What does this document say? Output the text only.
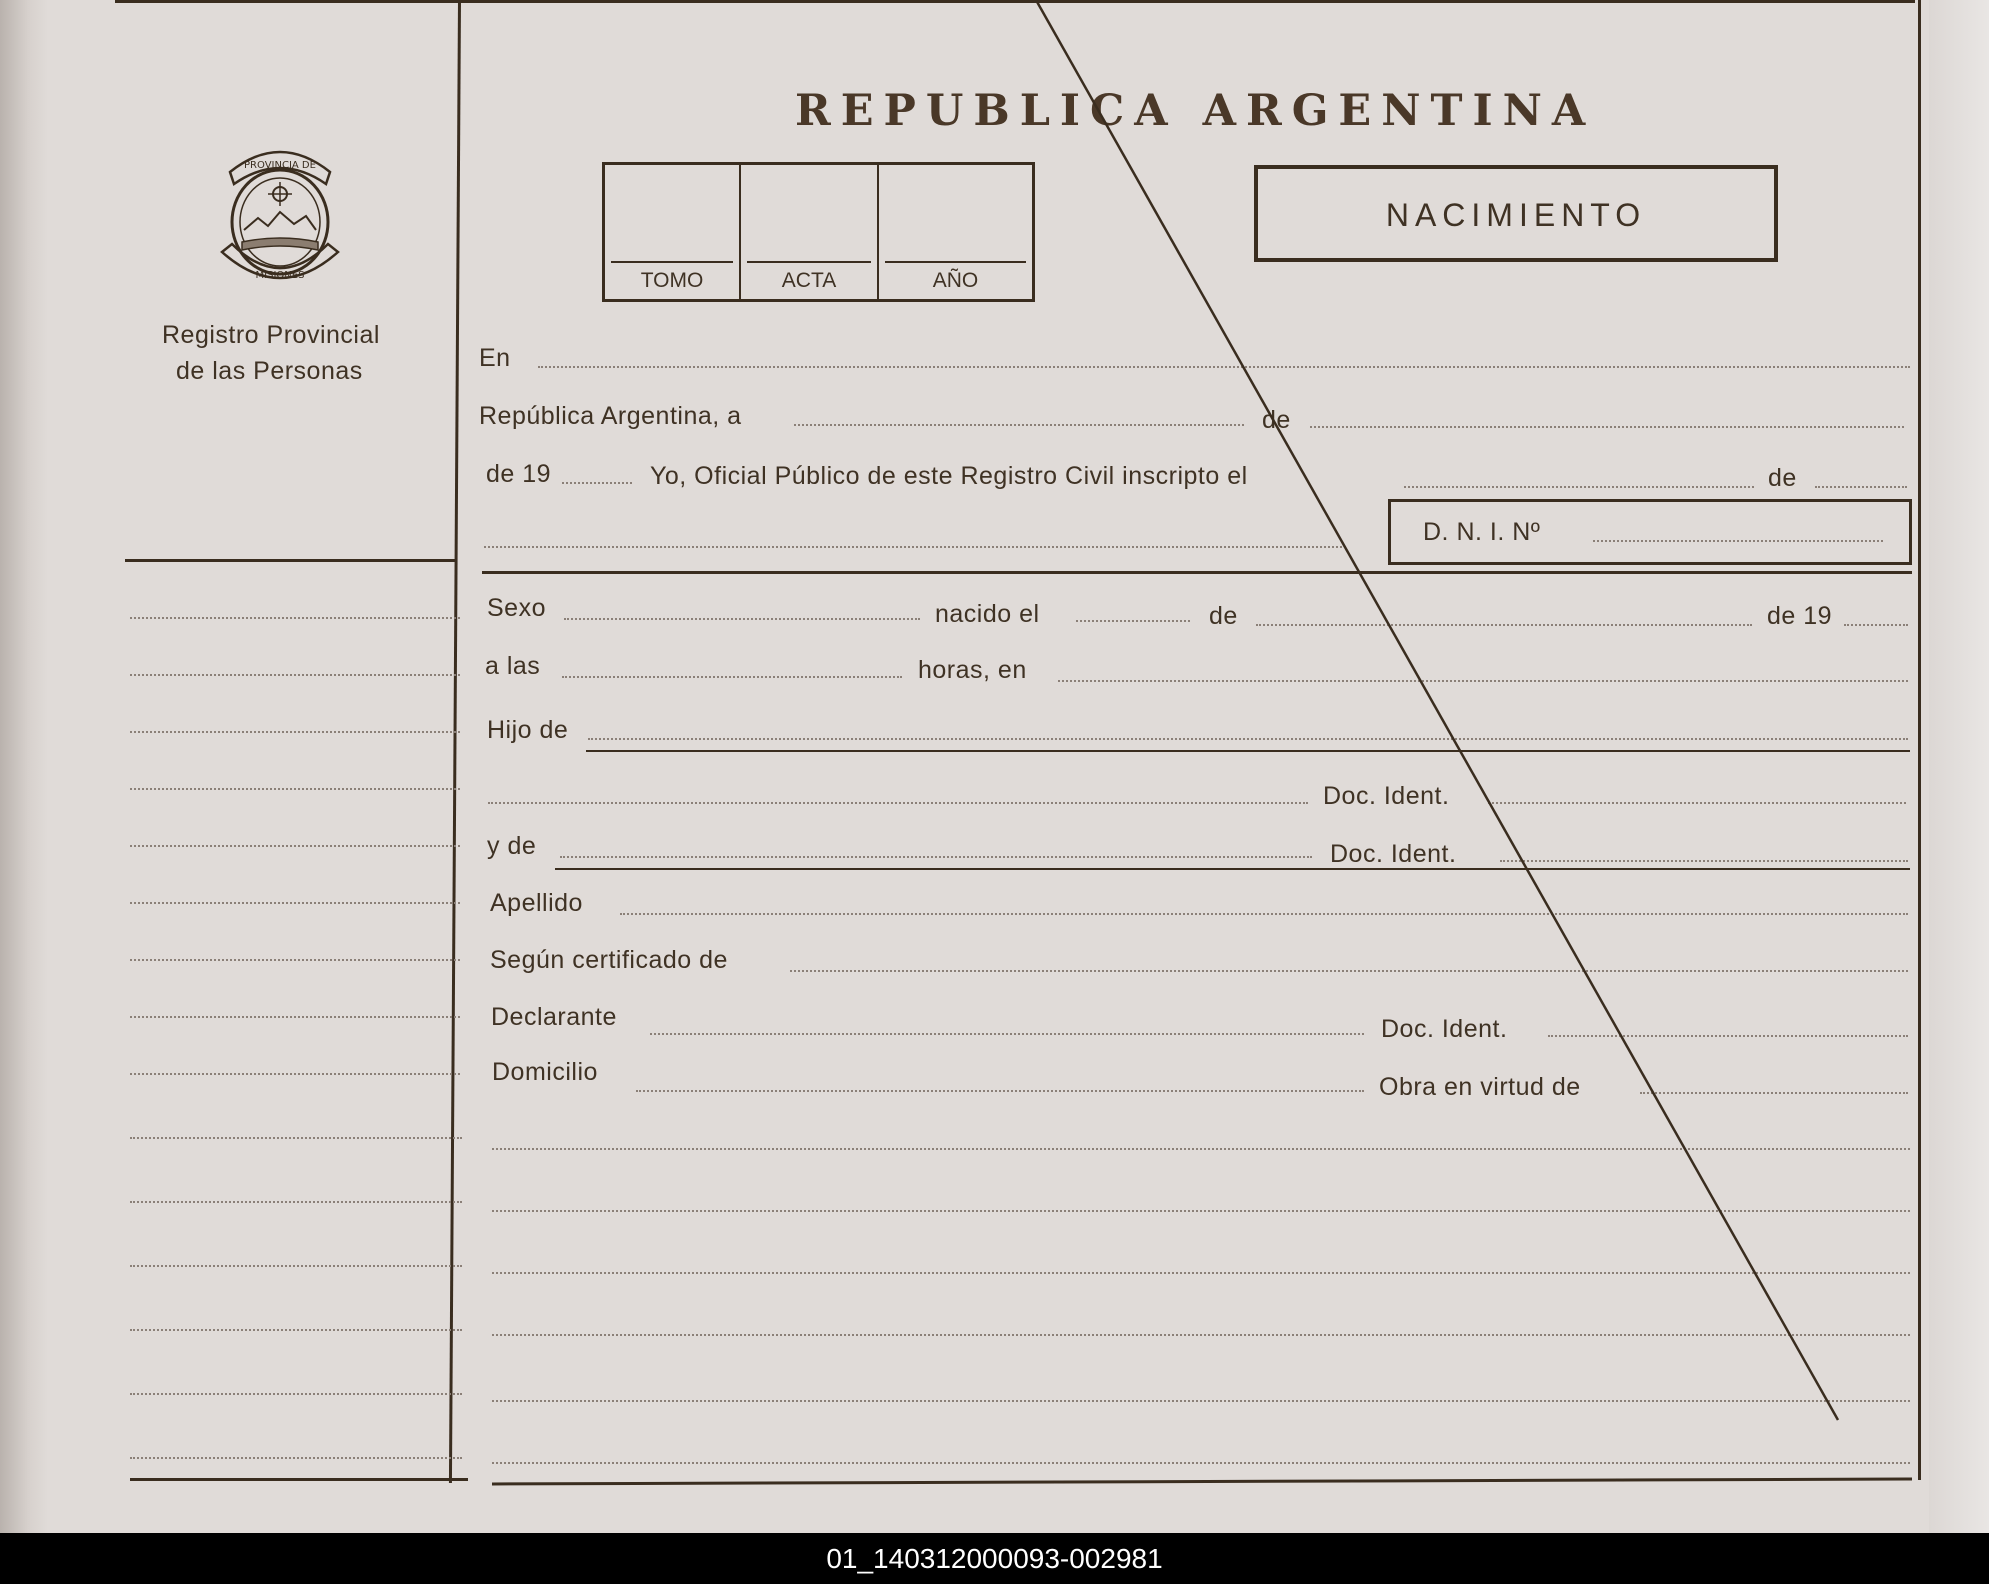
PROVINCIA DE
MISIONES
Registro Provincial
de las Personas
REPUBLICA ARGENTINA
TOMO	ACTA	AÑO
NACIMIENTO
En
República Argentina, a	de
de 19	Yo, Oficial Público de este Registro Civil inscripto el	de
D. N. I. Nº
Sexo	nacido el	de	de 19
a las	horas, en
Hijo de
Doc. Ident.
y de	Doc. Ident.
Apellido
Según certificado de
Declarante	Doc. Ident.
Domicilio
Obra en virtud de
01_140312000093-002981
